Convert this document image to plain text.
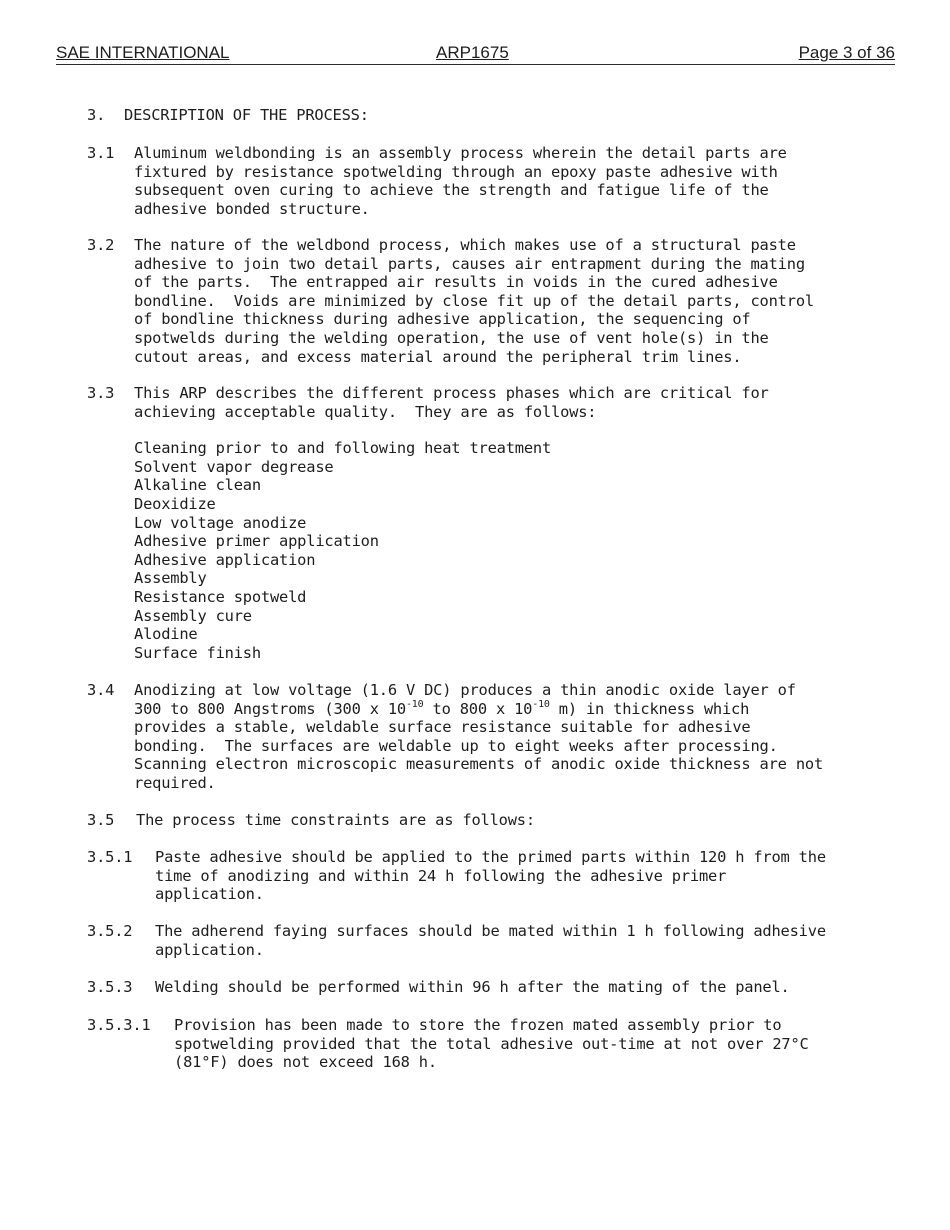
SAE INTERNATIONAL	ARP1675	Page 3 of 36
3. DESCRIPTION OF THE PROCESS:
3.1 Aluminum weldbonding is an assembly process wherein the detail parts are
fixtured by resistance spotwelding through an epoxy paste adhesive with
subsequent oven curing to achieve the strength and fatigue life of the
adhesive bonded structure.
3.2 The nature of the weldbond process, which makes use of a structural paste
adhesive to join two detail parts, causes air entrapment during the mating
of the parts.  The entrapped air results in voids in the cured adhesive
bondline.  Voids are minimized by close fit up of the detail parts, control
of bondline thickness during adhesive application, the sequencing of
spotwelds during the welding operation, the use of vent hole(s) in the
cutout areas, and excess material around the peripheral trim lines.
3.3 This ARP describes the different process phases which are critical for
achieving acceptable quality.  They are as follows:
Cleaning prior to and following heat treatment
Solvent vapor degrease
Alkaline clean
Deoxidize
Low voltage anodize
Adhesive primer application
Adhesive application
Assembly
Resistance spotweld
Assembly cure
Alodine
Surface finish
3.4 Anodizing at low voltage (1.6 V DC) produces a thin anodic oxide layer of
300 to 800 Angstroms (300 x $10^{-10}$ to 800 x $10^{-10}$ m) in thickness which
provides a stable, weldable surface resistance suitable for adhesive
bonding.  The surfaces are weldable up to eight weeks after processing.
Scanning electron microscopic measurements of anodic oxide thickness are not
required.
3.5 The process time constraints are as follows:
3.5.1 Paste adhesive should be applied to the primed parts within 120 h from the
time of anodizing and within 24 h following the adhesive primer
application.
3.5.2 The adherend faying surfaces should be mated within 1 h following adhesive
application.
3.5.3 Welding should be performed within 96 h after the mating of the panel.
3.5.3.1 Provision has been made to store the frozen mated assembly prior to
spotwelding provided that the total adhesive out-time at not over 27°C
(81°F) does not exceed 168 h.
